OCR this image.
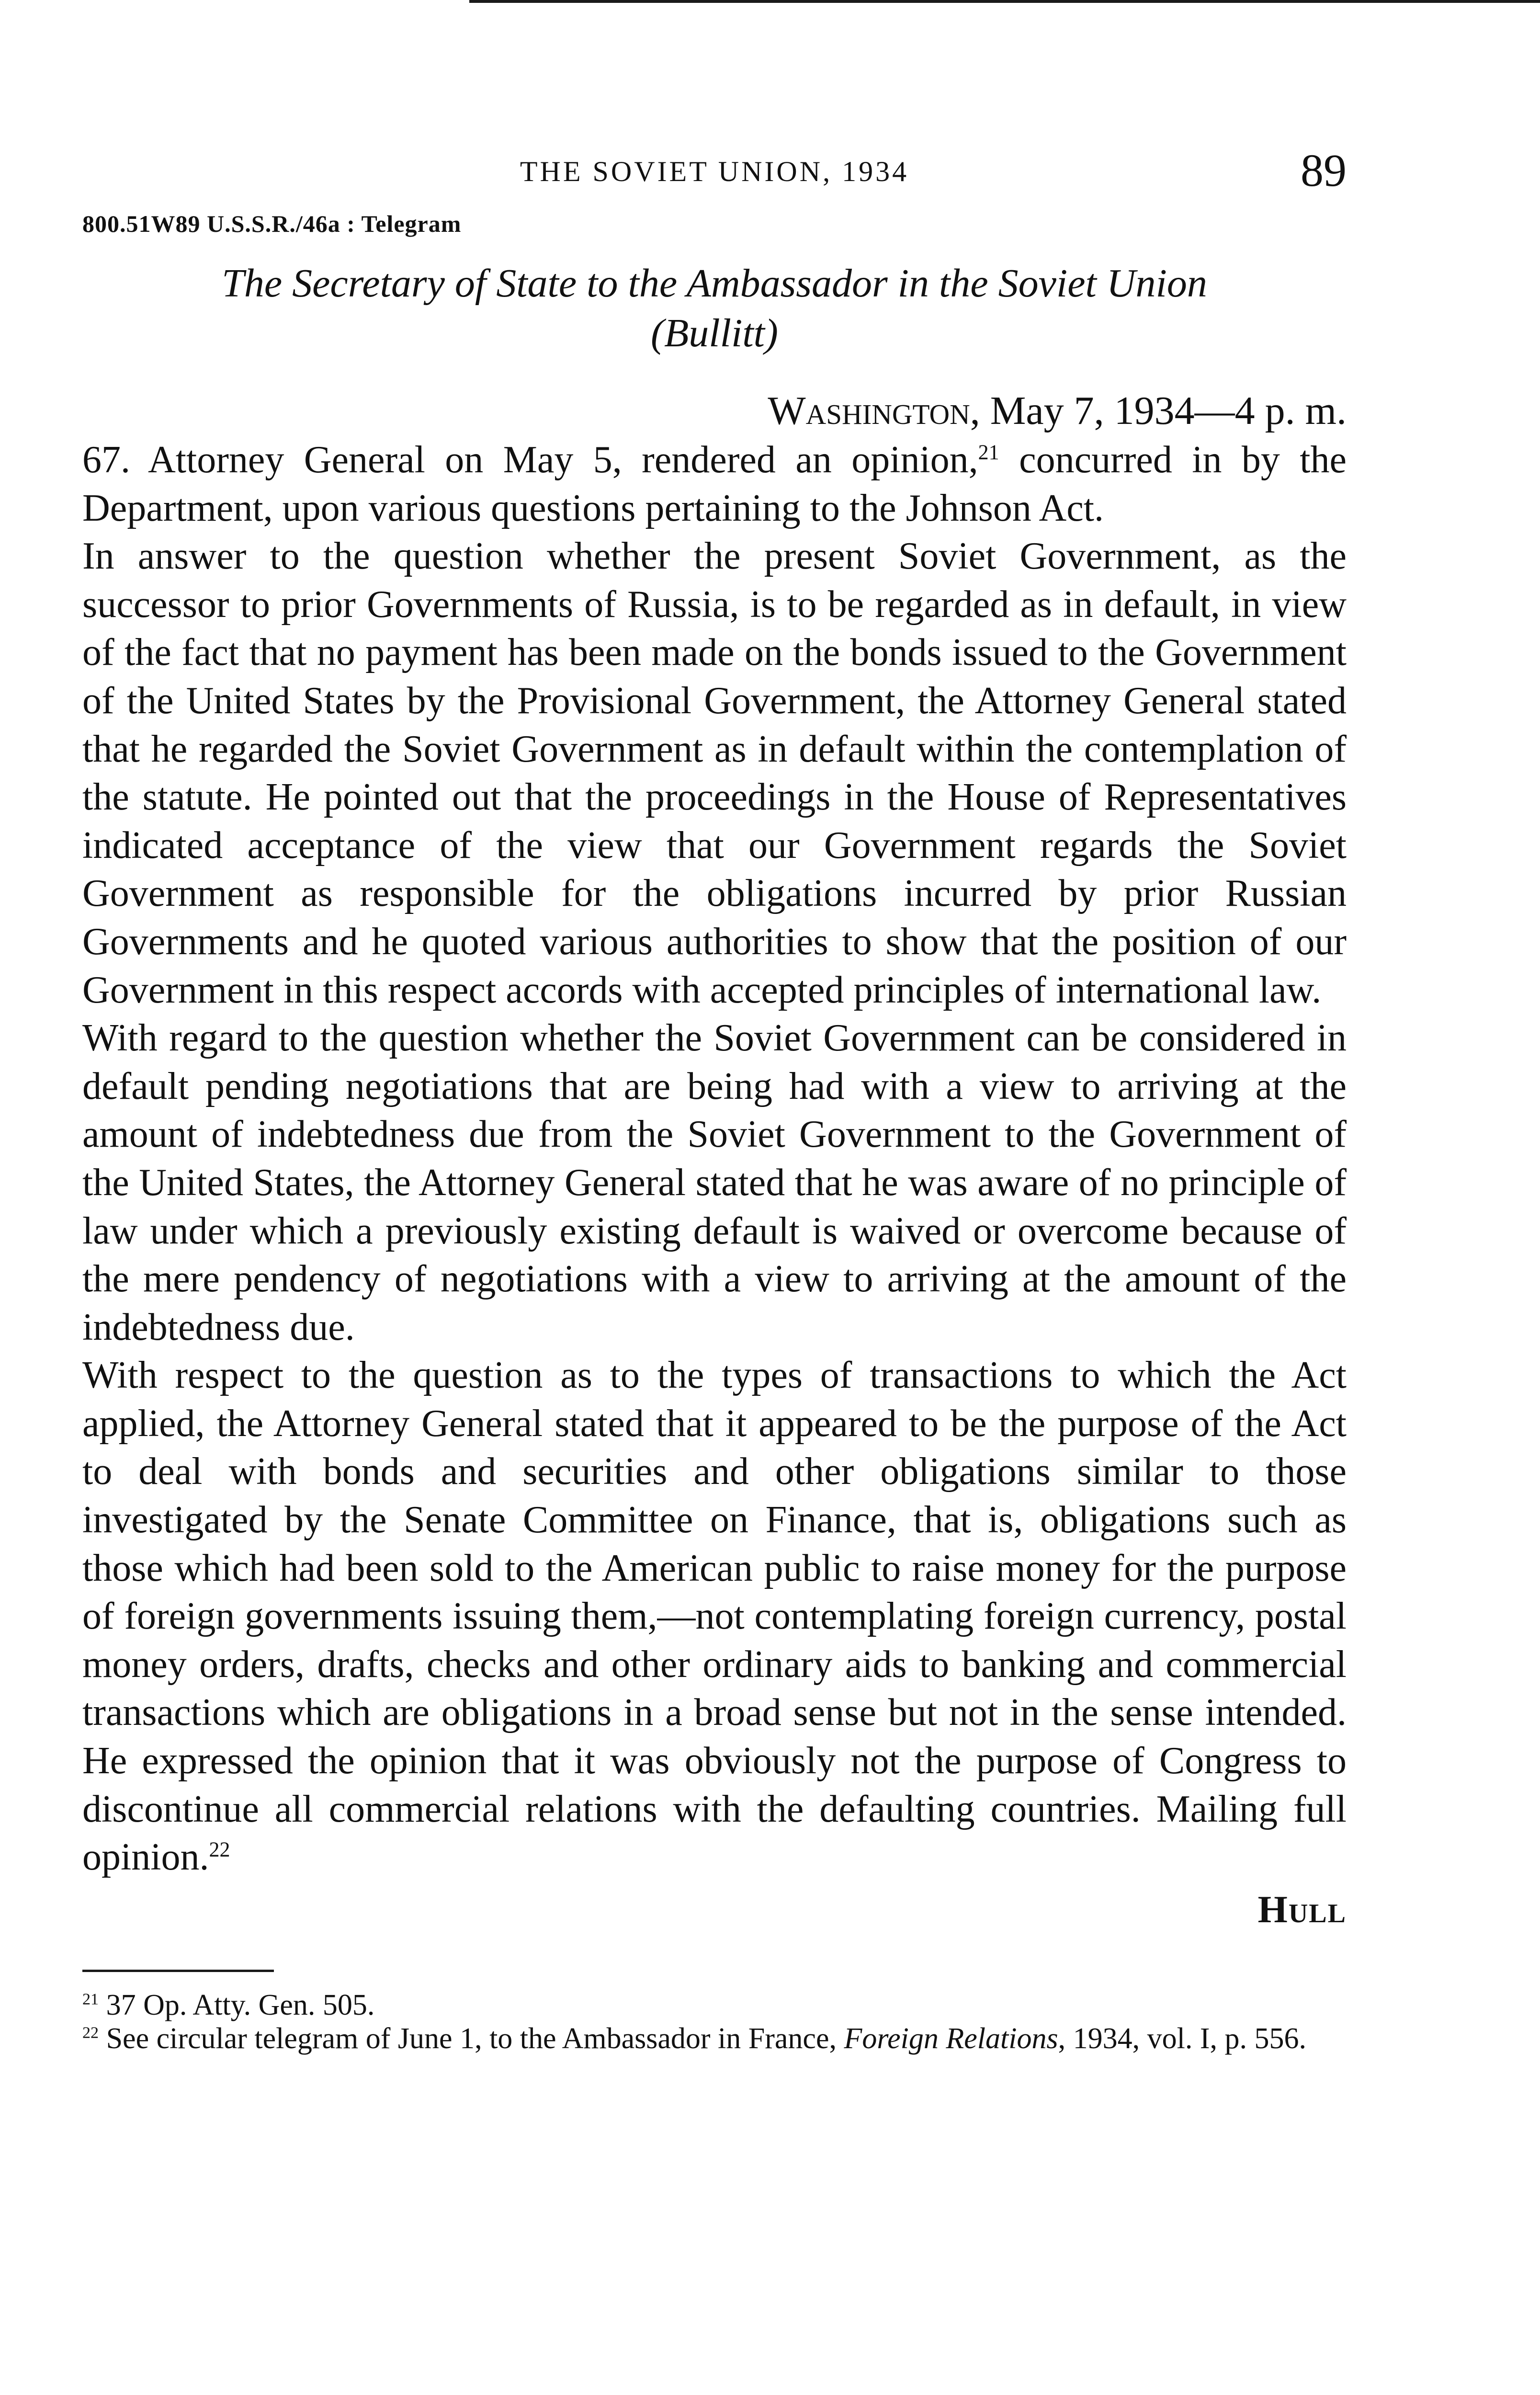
THE SOVIET UNION, 1934	89
800.51W89 U.S.S.R./46a : Telegram
The Secretary of State to the Ambassador in the Soviet Union
(Bullitt)
Washington, May 7, 1934—4 p. m.

67. Attorney General on May 5, rendered an opinion,$^{21}$ concurred in by the Department, upon various questions pertaining to the Johnson Act.

In answer to the question whether the present Soviet Government, as the successor to prior Governments of Russia, is to be regarded as in default, in view of the fact that no payment has been made on the bonds issued to the Government of the United States by the Provisional Government, the Attorney General stated that he regarded the Soviet Government as in default within the contemplation of the statute. He pointed out that the proceedings in the House of Representatives indicated acceptance of the view that our Government regards the Soviet Government as responsible for the obligations incurred by prior Russian Governments and he quoted various authorities to show that the position of our Government in this respect accords with accepted principles of international law.

With regard to the question whether the Soviet Government can be considered in default pending negotiations that are being had with a view to arriving at the amount of indebtedness due from the Soviet Government to the Government of the United States, the Attorney General stated that he was aware of no principle of law under which a previously existing default is waived or overcome because of the mere pendency of negotiations with a view to arriving at the amount of the indebtedness due.

With respect to the question as to the types of transactions to which the Act applied, the Attorney General stated that it appeared to be the purpose of the Act to deal with bonds and securities and other obligations similar to those investigated by the Senate Committee on Finance, that is, obligations such as those which had been sold to the American public to raise money for the purpose of foreign governments issuing them,—not contemplating foreign currency, postal money orders, drafts, checks and other ordinary aids to banking and commercial transactions which are obligations in a broad sense but not in the sense intended. He expressed the opinion that it was obviously not the purpose of Congress to discontinue all commercial relations with the defaulting countries. Mailing full opinion.$^{22}$

Hull

$^{21}$ 37 Op. Atty. Gen. 505.

$^{22}$ See circular telegram of June 1, to the Ambassador in France, Foreign Relations, 1934, vol. I, p. 556.
